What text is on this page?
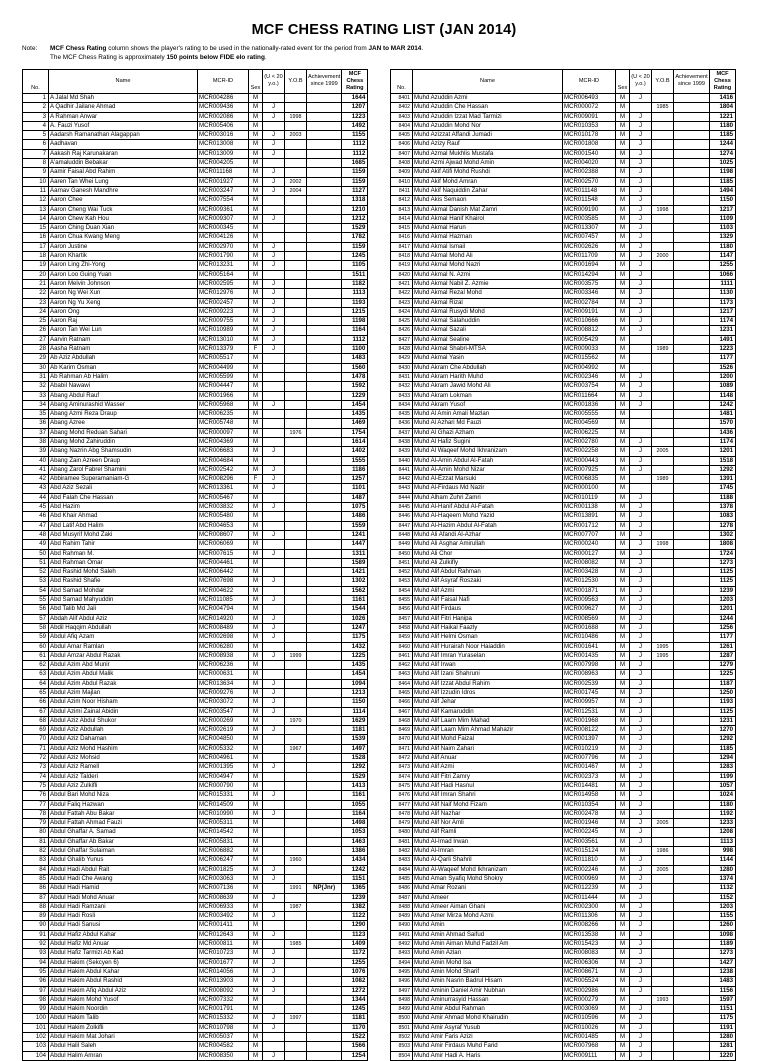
MCF CHESS RATING LIST (JAN 2014)
Note: MCF Chess Rating column shows the player's rating to be used in the nationally-rated event for the period from JAN to MAR 2014.
The MCF Chess Rating is approximately 150 points below FIDE elo rating.
No.	Name	MCR-ID	Sex	(U < 20 y.o.)	Y.O.B	Achievement since 1999	MCF Chess Rating
1	A Jalal Md Shah	MCR004286	M				1644
2	A Qadhir Jailane Ahmad	MCR009436	M	J			1207
3	A Rahman Anwar	MCR002086	M	J	1998		1223
4	A. Fauzi Yusof	MCR005406	M				1492
5	Aadarsh Ramanathan Alagappan	MCR003016	M	J	2003		1155
6	Aadhavan	MCR013008	M	J			1112
7	Aakash Raj Karunakaran	MCR013009	M	J			1112
8	A'amaluddin Bebakar	MCR004205	M				1685
9	Aamir Faisal Abd Rahim	MCR011168	M	J			1159
10	Aaren Tan Whei Lung	MCR001927	M	J	2002		1159
11	Aarnav Ganesh Mandhre	MCR003247	M	J	2004		1127
12	Aaron Chee	MCR007554	M				1318
13	Aaron Cheng Wai Tuck	MCR009361	M				1210
14	Aaron Chew Kah Hou	MCR009307	M	J			1212
15	Aaron Ching Duan Xian	MCR000345	M				1529
16	Aaron Chua Kwang Meng	MCR004126	M				1782
17	Aaron Justine	MCR002970	M	J			1159
18	Aaron Khartik	MCR001790	M	J			1245
19	Aaron Ling Zhi-Yong	MCR013231	M	J			1105
20	Aaron Loo Guing Yuan	MCR005164	M				1511
21	Aaron Melvin Johnson	MCR002595	M	J			1182
22	Aaron Ng Wei Xun	MCR012976	M	J			1113
23	Aaron Ng Yu Xeng	MCR002457	M	J			1193
24	Aaron Ong	MCR009223	M	J			1215
25	Aaron Raj	MCR009755	M	J			1198
26	Aaron Tan Wei Lun	MCR010989	M	J			1164
27	Aarvin Ratnam	MCR013010	M	J			1112
28	Aasha Ratnam	MCR013379	F	J			1100
29	Ab Aziz Abdullah	MCR005517	M				1483
30	Ab Karim Osman	MCR004499	M				1560
31	Ab Rahman Ab Halim	MCR005599	M				1478
32	Ababil Nawawi	MCR004447	M				1592
33	Abang Abdul Rauf	MCR001966	M				1229
34	Abang Aminurashid Wasser	MCR005968	M	J			1454
35	Abang Azmi Reza Draup	MCR006235	M				1435
36	Abang Azree	MCR005748	M				1469
37	Abang Mohd Reduan Sahari	MCR000097	M		1976		1754
38	Abang Mohd Zahiruddin	MCR004369	M				1614
39	Abang Nazrin Abg Shamsudin	MCR006683	M	J			1402
40	Abang Zain Azreen Draup	MCR004684	M				1555
41	Abang Zarol Fabrel Shamini	MCR002542	M	J			1186
42	Abbiramee Superamaniam-G	MCR008296	F	J			1257
43	Abd Aziz Sezali	MCR013361	M	J			1101
44	Abd Falah Che Hassan	MCR005467	M				1487
45	Abd Hazim	MCR003832	M	J			1075
46	Abd Khair Ahmad	MCR005480	M				1486
47	Abd Latif Abd Halim	MCR004653	M				1559
48	Abd Musyrif Mohd Zaki	MCR008607	M	J			1241
49	Abd Rahim Tahir	MCR006069	M				1447
50	Abd Rahman M.	MCR007615	M	J			1311
51	Abd Rahman Omar	MCR004461	M				1589
52	Abd Rashid Mohd Saleh	MCR006442	M				1421
53	Abd Rashid Shafie	MCR007698	M	J			1302
54	Abd Samad Mohdar	MCR004622	M				1562
55	Abd Samad Mahyuddin	MCR011085	M	J			1161
56	Abd Talib Md Jali	MCR004794	M				1544
57	Abdah Alif Abdul Aziz	MCR014920	M	J			1026
58	Abdil Haqqim Abdullah	MCR008489	M	J			1247
59	Abdul Afiq Azam	MCR002698	M	J			1175
60	Abdul Amar Ramlan	MCR006280	M				1432
61	Abdul Amzar Abdul Razak	MCR008938	M	J	1999		1225
62	Abdul Azim Abd Munir	MCR006236	M				1435
63	Abdul Azim Abdul Malik	MCR000631	M				1454
64	Abdul Azim Abdul Razak	MCR013634	M	J			1094
65	Abdul Azim Majlan	MCR009276	M	J			1213
66	Abdul Azim Noor Hisham	MCR003072	M	J			1150
67	Abdul Azimi Zainal Abidin	MCR003547	M	J			1114
68	Abdul Aziz Abdul Shukor	MCR000269	M		1970		1629
69	Abdul Aziz Abdullah	MCR002619	M	J			1181
70	Abdul Aziz Dahaman	MCR004850	M				1539
71	Abdul Aziz Mohd Hashim	MCR005332	M		1967		1497
72	Abdul Aziz Mohsid	MCR004961	M				1528
73	Abdul Aziz Ramell	MCR001395	M	J			1292
74	Abdul Aziz Talderi	MCR004947	M				1529
75	Abdul Aziz Zulkifli	MCR000790	M				1413
76	Abdul Bari Mohd Niza	MCR015331	M	J			1161
77	Abdul Faliq Hazwan	MCR014509	M				1055
78	Abdul Fattah Abu Bakar	MCR010990	M	J			1164
79	Abdul Fattah Ahmad Fauzi	MCR005311	M				1498
80	Abdul Ghaffar A. Samad	MCR014542	M				1053
81	Abdul Ghaffar Ab Bakar	MCR005831	M				1463
82	Abdul Ghaffar Sulaiman	MCR006882	M				1386
83	Abdul Ghalib Yunus	MCR006247	M		1960		1434
84	Abdul Hadi Abdul Rait	MCR001825	M	J			1242
85	Abdul Hadi Che Awang	MCR003063	M	J			1151
86	Abdul Hadi Hamid	MCR007136	M		1991	NP(Jnr)	1365
87	Abdul Hadi Mohd Anuar	MCR008639	M	J			1239
88	Abdul Hadi Ramzani	MCR006933	M		1987		1382
89	Abdul Hadi Rosli	MCR003492	M	J			1122
90	Abdul Hadi Sanusi	MCR001411	M				1290
91	Abdul Hafiz Abdul Kahar	MCR012643	M	J			1123
92	Abdul Hafiz Md Anuar	MCR000811	M		1985		1409
93	Abdul Hafiz Tarmizi Ab Kad	MCR010723	M	J			1172
94	Abdul Hakim (Sekcyen 6)	MCR001677	M	J			1255
95	Abdul Hakim Abdul Kahar	MCR014056	M	J			1076
96	Abdul Hakim Abdul Rashid	MCR013903	M	J			1082
97	Abdul Hakim Afiq Abdul Aziz	MCR008092	M	J			1272
98	Abdul Hakim Mohd Yusof	MCR007332	M				1344
99	Abdul Hakim Noordin	MCR001791	M				1245
100	Abdul Hakim Talib	MCR015332	M	J	1997		1181
101	Abdul Hakim Zolkifli	MCR010798	M	J			1170
102	Abdul Hakim Mat Johari	MCR005037	M				1522
103	Abdul Halil Saleh	MCR004582	M				1566
104	Abdul Halim Amran	MCR008350	M	J			1254
No.	Name	MCR-ID	Sex	(U < 20 y.o.)	Y.O.B	Achievement since 1999	MCF Chess Rating
8401	Muhd Azuddin Azmi	MCR006493	M	J			1416
8402	Muhd Azuddin Che Hassan	MCR000072	M		1985		1804
8403	Muhd Azuddin Izzat Mad Tarmizi	MCR009091	M	J			1221
8404	Muhd Azuddin Mohd Nor	MCR010353	M	J			1180
8405	Muhd Azizzat Affandi Jumadi	MCR010178	M	J			1185
8406	Muhd Azizy Rauf	MCR001808	M	J			1244
8407	Muhd Azmal Mukhlis Mustafa	MCR001540	M	J			1274
8408	Muhd Azmi Ajwad Mohd Amin	MCR004020	M	J			1025
8409	Muhd Akif Atifi Mohd Rushdi	MCR002388	M	J			1198
8410	Muhd Akif Mohd Amran	MCR002570	M	J			1185
8411	Muhd Akif Naquiddin Zahar	MCR011148	M	J			1494
8412	Muhd Akis Semaon	MCR011548	M	J			1150
8413	Muhd Akmal Danish Mat Zamri	MCR009190	M	J	1998		1217
8414	Muhd Akmal Hanif Khairol	MCR003585	M	J			1109
8415	Muhd Akmal Harun	MCR013307	M	J			1103
8416	Muhd Akmal Hazman	MCR007457	M	J			1329
8417	Muhd Akmal Ismail	MCR002626	M	J			1180
8418	Muhd Akmal Mohd Ali	MCR011709	M	J	2000		1147
8419	Muhd Akmal Mohd Nazri	MCR001694	M	J			1255
8420	Muhd Akmal N. Azmi	MCR014294	M	J			1066
8421	Muhd Akmal Nabil Z. Azmie	MCR003575	M	J			1111
8422	Muhd Akmal Rezal Mohd	MCR003346	M	J			1130
8423	Muhd Akmal Rizal	MCR002784	M	J			1173
8424	Muhd Akmal Rusydi Mohd	MCR009191	M	J			1217
8425	Muhd Akmal Salahuddin	MCR010666	M	J			1174
8426	Muhd Akmal Sazali	MCR008812	M	J			1231
8427	Muhd Akmal Sealine	MCR005429	M				1491
8428	Muhd Akmal Shabri-MTSA	MCR009033	M		1989		1223
8429	Muhd Akmal Yasin	MCR015562	M				1177
8430	Muhd Akram Che Abdullah	MCR004992	M				1526
8431	Muhd Akram Harith Muhd	MCR002346	M	J			1200
8432	Muhd Akram Jawid Mohd Ali	MCR003754	M	J			1089
8433	Muhd Akram Lokman	MCR011664	M	J			1148
8434	Muhd Akram Yusof	MCR001836	M	J			1242
8435	Muhd Al Amin Amali Mazlan	MCR005555	M				1481
8436	Muhd Al Azhari Md Fauzi	MCR004569	M				1570
8437	Muhd Al Ghazi Azham	MCR006225	M				1436
8438	Muhd Al Hafiz Sugini	MCR002780	M	J			1174
8439	Muhd Al Waqeef Mohd Ikhranizam	MCR002258	M	J	2005		1201
8440	Muhd Al-Amin Abdul Al-Fatah	MCR000443	M	J			1518
8441	Muhd Al-Amin Mohd Nizar	MCR007925	M	J			1292
8442	Muhd Al-Ezzat Marsuki	MCR006835	M		1989		1391
8443	Muhd Al-Firdaus Md Nazir	MCR000100	M				1745
8444	Muhd Alham Zuhri Zamri	MCR010119	M	J			1188
8445	Muhd Al-Hanif Abdul Al-Fatah	MCR001138	M	J			1378
8446	Muhd Al-Haqeem Mohd Yazid	MCR013891	M	J			1083
8447	Muhd Al-Hazim Abdul Al-Fatah	MCR001712	M	J			1278
8448	Muhd Ali Afandi Al-Azhar	MCR007707	M	J			1302
8449	Muhd Ali Asghar Amirullah	MCR000240	M	J	1998		1808
8450	Muhd Ali Chor	MCR000127	M	J			1724
8451	Muhd Ali Zulkifly	MCR008082	M	J			1273
8452	Muhd Alif Abdul Rahman	MCR003428	M	J			1125
8453	Muhd Alif Asyraf Roszaki	MCR012530	M	J			1125
8454	Muhd Alif Azmi	MCR001871	M	J			1239
8455	Muhd Alif Faisal Nafi	MCR009563	M	J			1203
8456	Muhd Alif Firdaus	MCR009627	M	J			1201
8457	Muhd Alif Fitri Hanipa	MCR008569	M	J			1244
8458	Muhd Alif Haikal Faazly	MCR001688	M	J			1256
8459	Muhd Alif Helmi Osman	MCR010486	M	J			1177
8460	Muhd Alif Hurairah Noor Haiaddin	MCR001641	M	J	1995		1261
8461	Muhd Alif Imran Yuraselan	MCR001435	M	J	1995		1287
8462	Muhd Alif Irwan	MCR007998	M	J			1279
8463	Muhd Alif Izani Shahruni	MCR008963	M	J			1225
8464	Muhd Alif Izzat Abdul Rahim	MCR002539	M	J			1187
8465	Muhd Alif Izzudin Idros	MCR001745	M	J			1250
8466	Muhd Alif Jehar	MCR009957	M	J			1193
8467	Muhd Alif Kamaruddin	MCR012531	M	J			1125
8468	Muhd Alif Laam Mim Mahad	MCR001968	M	J			1231
8469	Muhd Alif Laam Mim Ahmad Mahazir	MCR008122	M	J			1270
8470	Muhd Alif Mohd Faizal	MCR001397	M	J			1292
8471	Muhd Alif Naim Zahari	MCR010219	M	J			1185
8472	Muhd Alif Anuar	MCR007796	M	J			1294
8473	Muhd Alif Azmi	MCR001467	M	J			1283
8474	Muhd Alif Fitri Zamry	MCR002373	M	J			1199
8475	Muhd Alif Hadi Hasnul	MCR014481	M	J			1057
8476	Muhd Alif Imran Shahri	MCR014958	M	J			1024
8477	Muhd Alif Naif Mohd Fizam	MCR010354	M	J			1180
8478	Muhd Alif Nazhar	MCR002478	M	J			1192
8479	Muhd Alif Nor Amli	MCR001946	M	J	2005		1233
8480	Muhd Alif Ramli	MCR002245	M	J			1208
8481	Muhd Al-Imad Irwan	MCR003561	M	J			1113
8482	Muhd Al-Imran	MCR015124	M		1986		998
8483	Muhd Al-Qarli Shahril	MCR011810	M	J			1144
8484	Muhd Al-Waqeef Mohd Ikhranizam	MCR002246	M	J	2005		1280
8485	Muhd Aman Syafiq Mohd Shokry	MCR000969	M	J			1374
8486	Muhd Amar Rozani	MCR012239	M	J			1132
8487	Muhd Ameer	MCR011444	M	J			1152
8488	Muhd Ameer Aiman Ghani	MCR002300	M	J			1203
8489	Muhd Amer Mirza Mohd Azmi	MCR011306	M	J			1155
8490	Muhd Amin	MCR008266	M	J			1260
8491	Muhd Amin Ahmad Saifud	MCR013538	M	J			1098
8492	Muhd Amin Aiman Muhd Fadzil Am	MCR015423	M	J			1189
8493	Muhd Amin Azlan	MCR008083	M	J			1273
8494	Muhd Amin Mohd Isa	MCR006306	M	J			1427
8495	Muhd Amin Mohd Sharif	MCR008671	M	J			1238
8496	Muhd Amin Nasrin Badrul Hisam	MCR005524	M	J			1483
8497	Muhd Aminin Daniel Amir Nubhan	MCR002986	M	J			1156
8498	Muhd Aminurrasyid Hassan	MCR000279	M		1993		1597
8499	Muhd Amir Abdul Rahman	MCR003069	M	J			1151
8500	Muhd Amir Ahmad Mohd Khairudin	MCR010596	M	J			1175
8501	Muhd Amir Asyraf Yusub	MCR010026	M	J			1191
8502	Muhd Amir Faris Azizi	MCR001485	M	J			1280
8503	Muhd Amir Firdaus Muhd Farid	MCR007968	M	J			1281
8504	Muhd Amir Hadi A. Haris	MCR009111	M	J			1220
